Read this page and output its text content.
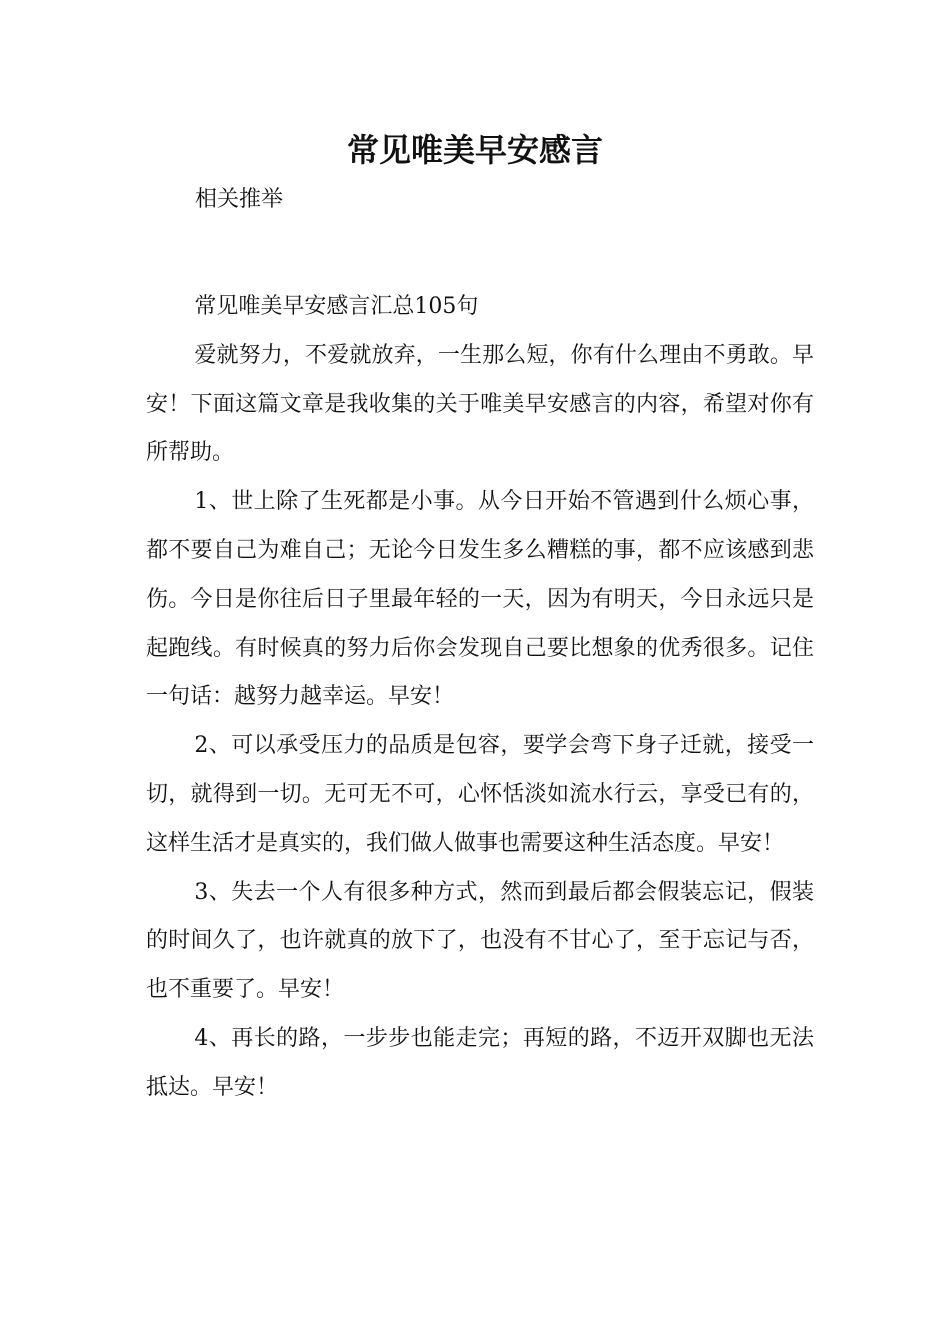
常见唯美早安感言

相关推举

常见唯美早安感言汇总105句

爱就努力，不爱就放弃，一生那么短，你有什么理由不勇敢。早安！下面这篇文章是我收集的关于唯美早安感言的内容，希望对你有所帮助。

1、世上除了生死都是小事。从今日开始不管遇到什么烦心事，都不要自己为难自己；无论今日发生多么糟糕的事，都不应该感到悲伤。今日是你往后日子里最年轻的一天，因为有明天，今日永远只是起跑线。有时候真的努力后你会发现自己要比想象的优秀很多。记住一句话：越努力越幸运。早安！

2、可以承受压力的品质是包容，要学会弯下身子迁就，接受一切，就得到一切。无可无不可，心怀恬淡如流水行云，享受已有的，这样生活才是真实的，我们做人做事也需要这种生活态度。早安！

3、失去一个人有很多种方式，然而到最后都会假装忘记，假装的时间久了，也许就真的放下了，也没有不甘心了，至于忘记与否，也不重要了。早安！

4、再长的路，一步步也能走完；再短的路，不迈开双脚也无法抵达。早安！
